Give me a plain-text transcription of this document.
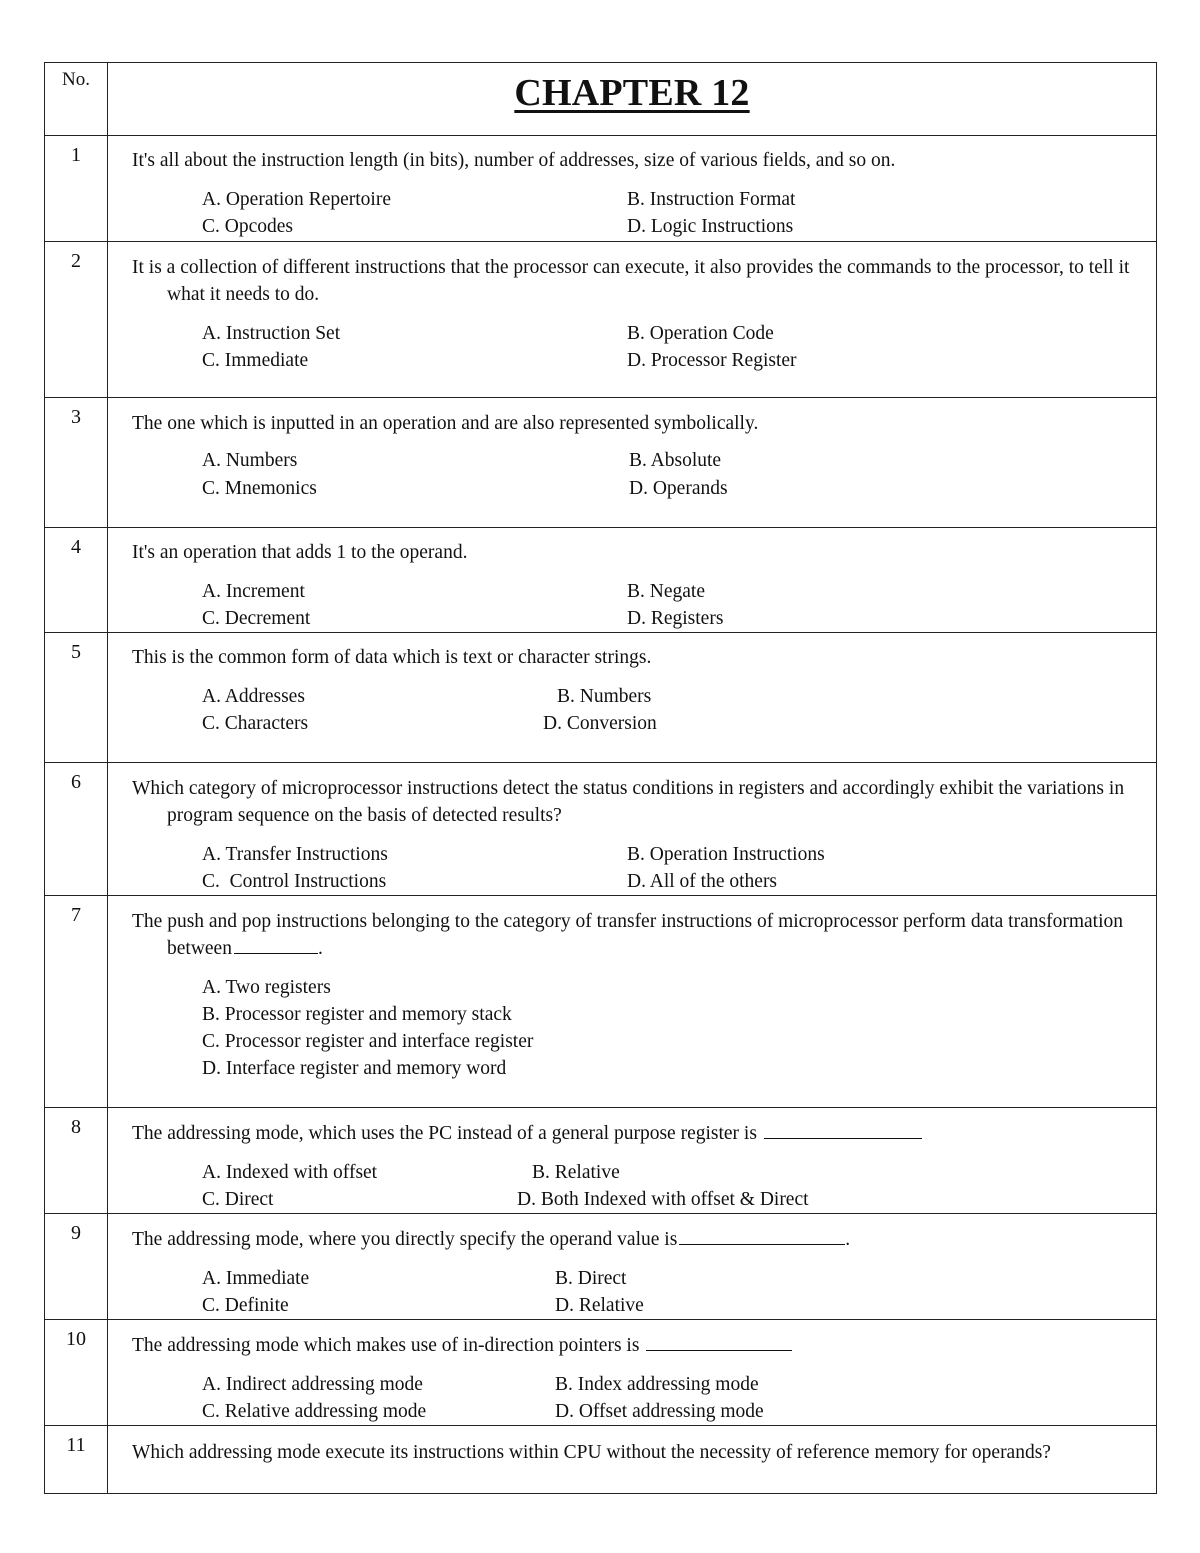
No.	CHAPTER 12
1	It's all about the instruction length (in bits), number of addresses, size of various fields, and so on.
A. Operation Repertoire B. Instruction Format
C. Opcodes D. Logic Instructions

2	It is a collection of different instructions that the processor can execute, it also provides the commands to the processor, to tell it what it needs to do.
A. Instruction Set B. Operation Code
C. Immediate D. Processor Register

3	The one which is inputted in an operation and are also represented symbolically.
A. Numbers B. Absolute
C. Mnemonics D. Operands

4	It's an operation that adds 1 to the operand.
A. Increment B. Negate
C. Decrement D. Registers

5	This is the common form of data which is text or character strings.
A. Addresses B. Numbers
C. Characters D. Conversion

6	Which category of microprocessor instructions detect the status conditions in registers and accordingly exhibit the variations in program sequence on the basis of detected results?
A. Transfer Instructions B. Operation Instructions
C.  Control Instructions D. All of the others

7	The push and pop instructions belonging to the category of transfer instructions of microprocessor perform data transformation between .
A. Two registers
B. Processor register and memory stack
C. Processor register and interface register
D. Interface register and memory word

8	The addressing mode, which uses the PC instead of a general purpose register is
A. Indexed with offset B. Relative
C. Direct D. Both Indexed with offset & Direct

9	The addressing mode, where you directly specify the operand value is .
A. Immediate B. Direct
C. Definite D. Relative

10	The addressing mode which makes use of in-direction pointers is
A. Indirect addressing mode B. Index addressing mode
C. Relative addressing mode D. Offset addressing mode

11	Which addressing mode execute its instructions within CPU without the necessity of reference memory for operands?
